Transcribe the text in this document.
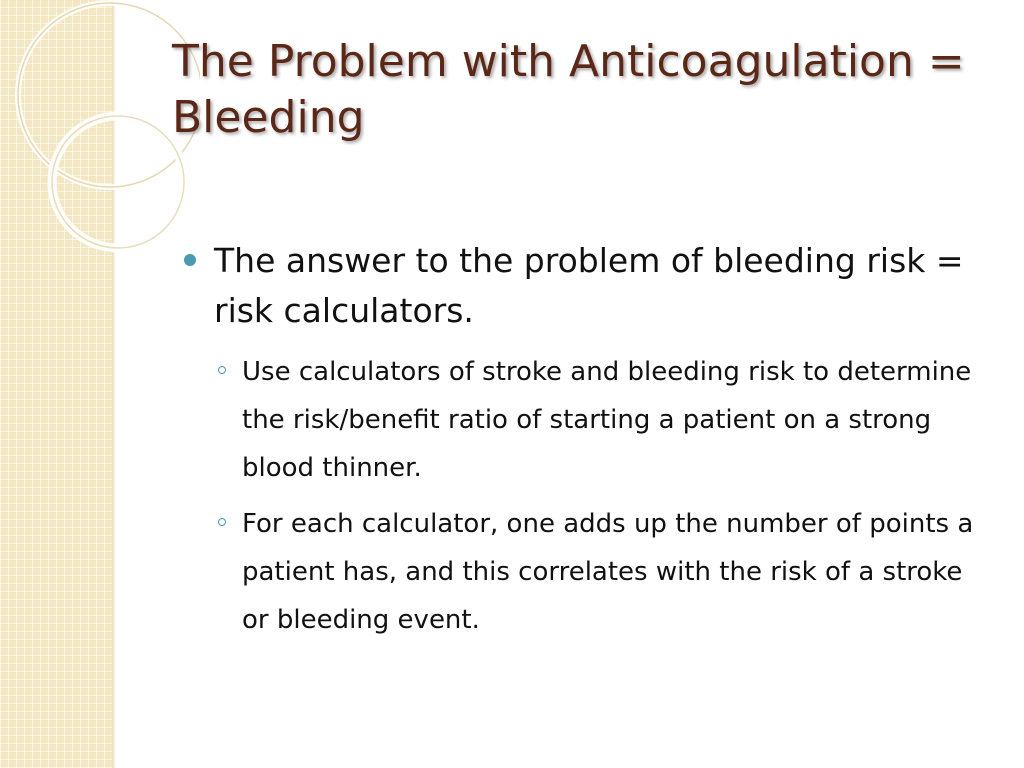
The Problem with Anticoagulation = Bleeding
The answer to the problem of bleeding risk = risk calculators.
Use calculators of stroke and bleeding risk to determine the risk/benefit ratio of starting a patient on a strong blood thinner.
For each calculator, one adds up the number of points a patient has, and this correlates with the risk of a stroke or bleeding event.
